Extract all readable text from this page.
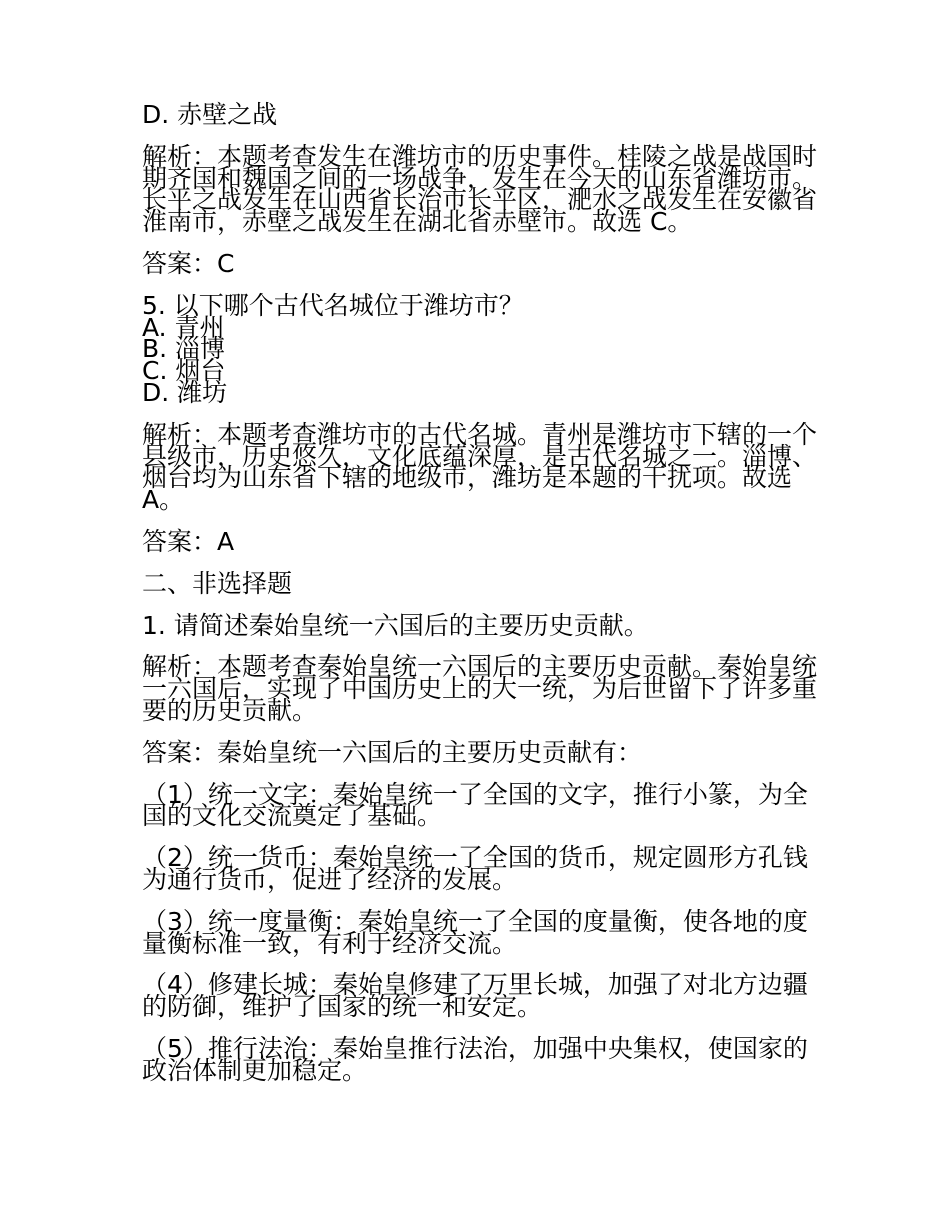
D. 赤壁之战

解析：本题考查发生在潍坊市的历史事件。桂陵之战是战国时期齐国和魏国之间的一场战争，发生在今天的山东省潍坊市。长平之战发生在山西省长治市长平区，淝水之战发生在安徽省淮南市，赤壁之战发生在湖北省赤壁市。故选 C。

答案：C

5. 以下哪个古代名城位于潍坊市？

A. 青州

B. 淄博

C. 烟台

D. 潍坊

解析：本题考查潍坊市的古代名城。青州是潍坊市下辖的一个县级市，历史悠久，文化底蕴深厚，是古代名城之一。淄博、烟台均为山东省下辖的地级市，潍坊是本题的干扰项。故选 A。

答案：A

二、非选择题

1. 请简述秦始皇统一六国后的主要历史贡献。

解析：本题考查秦始皇统一六国后的主要历史贡献。秦始皇统一六国后，实现了中国历史上的大一统，为后世留下了许多重要的历史贡献。

答案：秦始皇统一六国后的主要历史贡献有：

（1）统一文字：秦始皇统一了全国的文字，推行小篆，为全国的文化交流奠定了基础。

（2）统一货币：秦始皇统一了全国的货币，规定圆形方孔钱为通行货币，促进了经济的发展。

（3）统一度量衡：秦始皇统一了全国的度量衡，使各地的度量衡标准一致，有利于经济交流。

（4）修建长城：秦始皇修建了万里长城，加强了对北方边疆的防御，维护了国家的统一和安定。

（5）推行法治：秦始皇推行法治，加强中央集权，使国家的政治体制更加稳定。
